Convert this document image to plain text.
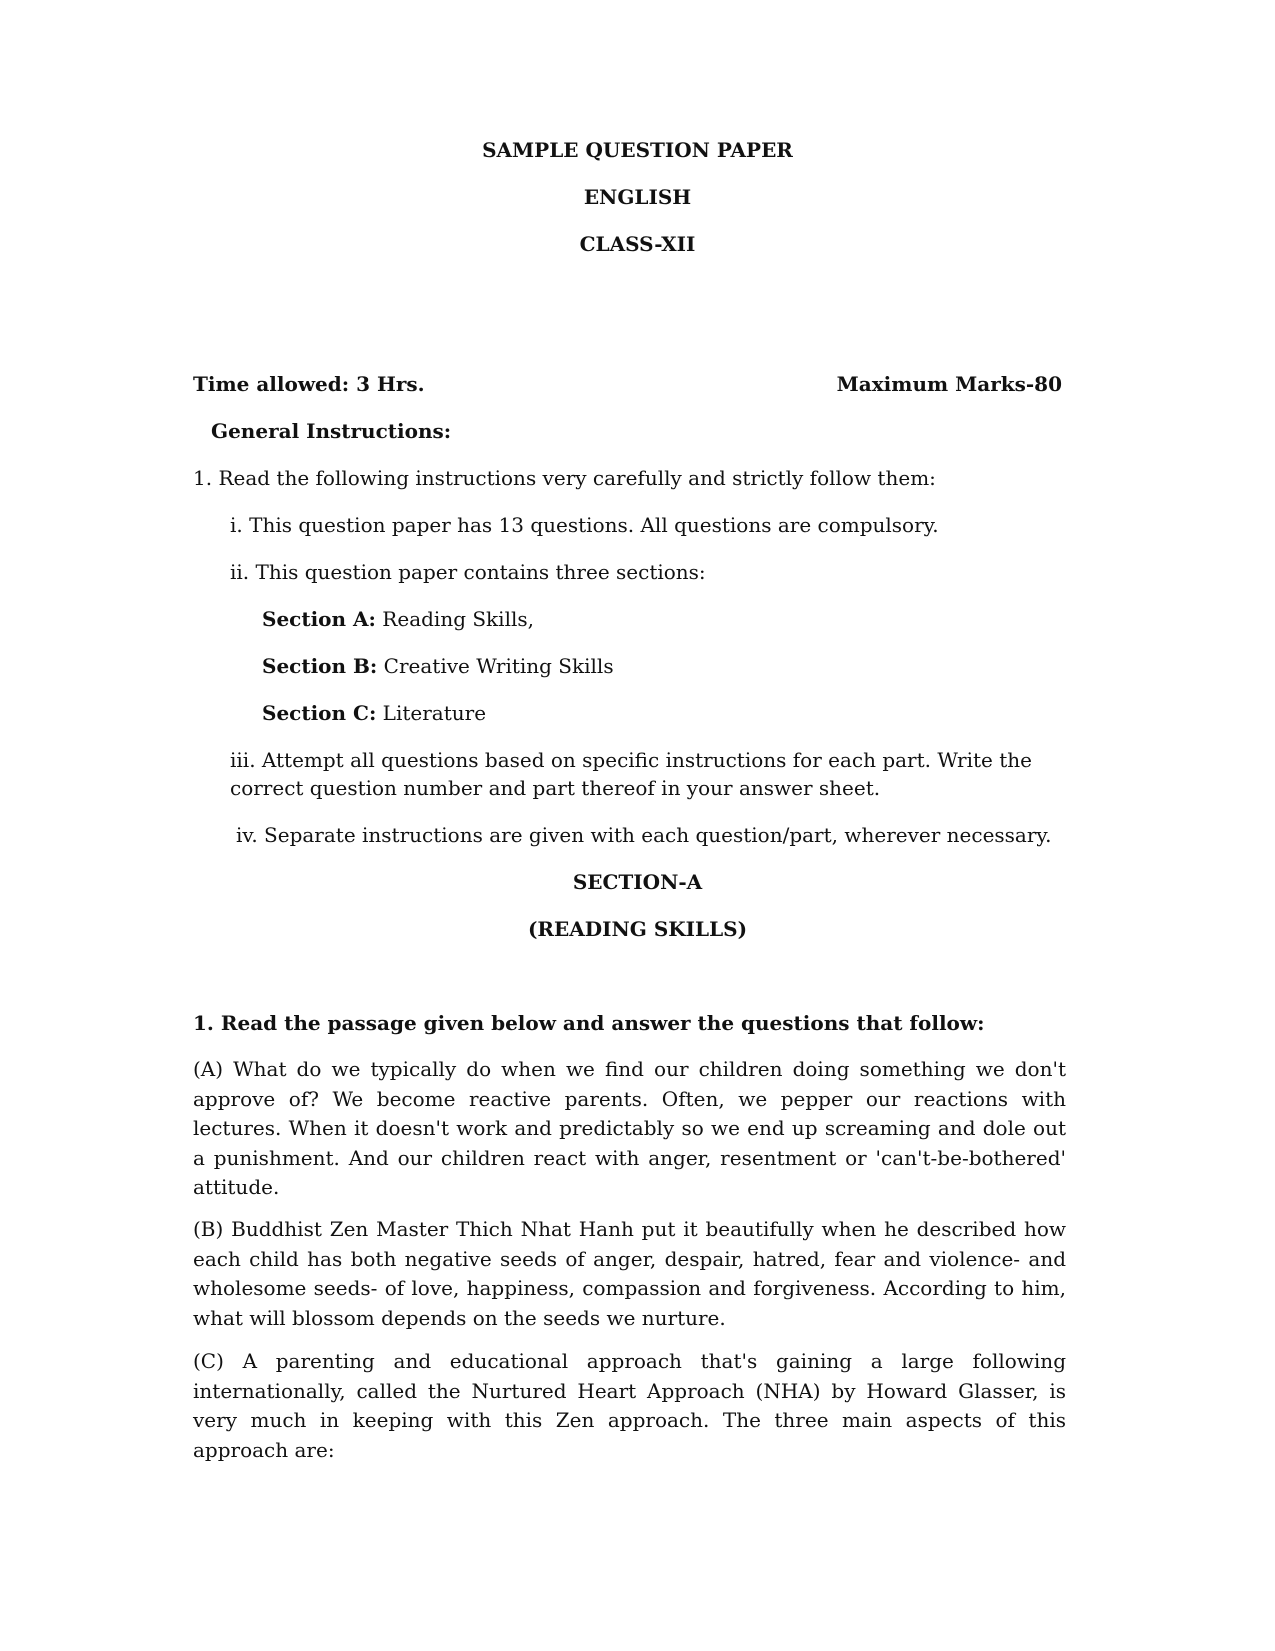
SAMPLE QUESTION PAPER

ENGLISH

CLASS-XII

Time allowed: 3 Hrs.	Maximum Marks-80

General Instructions:

1. Read the following instructions very carefully and strictly follow them:

i. This question paper has 13 questions. All questions are compulsory.

ii. This question paper contains three sections:

Section A: Reading Skills,

Section B: Creative Writing Skills

Section C: Literature

iii. Attempt all questions based on specific instructions for each part. Write the

correct question number and part thereof in your answer sheet.

iv. Separate instructions are given with each question/part, wherever necessary.

SECTION-A

(READING SKILLS)

1. Read the passage given below and answer the questions that follow:

(A) What do we typically do when we find our children doing something we don't approve of? We become reactive parents. Often, we pepper our reactions with lectures. When it doesn't work and predictably so we end up screaming and dole out a punishment. And our children react with anger, resentment or 'can't-be-bothered' attitude.

(B) Buddhist Zen Master Thich Nhat Hanh put it beautifully when he described how each child has both negative seeds of anger, despair, hatred, fear and violence- and wholesome seeds- of love, happiness, compassion and forgiveness. According to him, what will blossom depends on the seeds we nurture.

(C) A parenting and educational approach that's gaining a large following internationally, called the Nurtured Heart Approach (NHA) by Howard Glasser, is very much in keeping with this Zen approach. The three main aspects of this approach are:
